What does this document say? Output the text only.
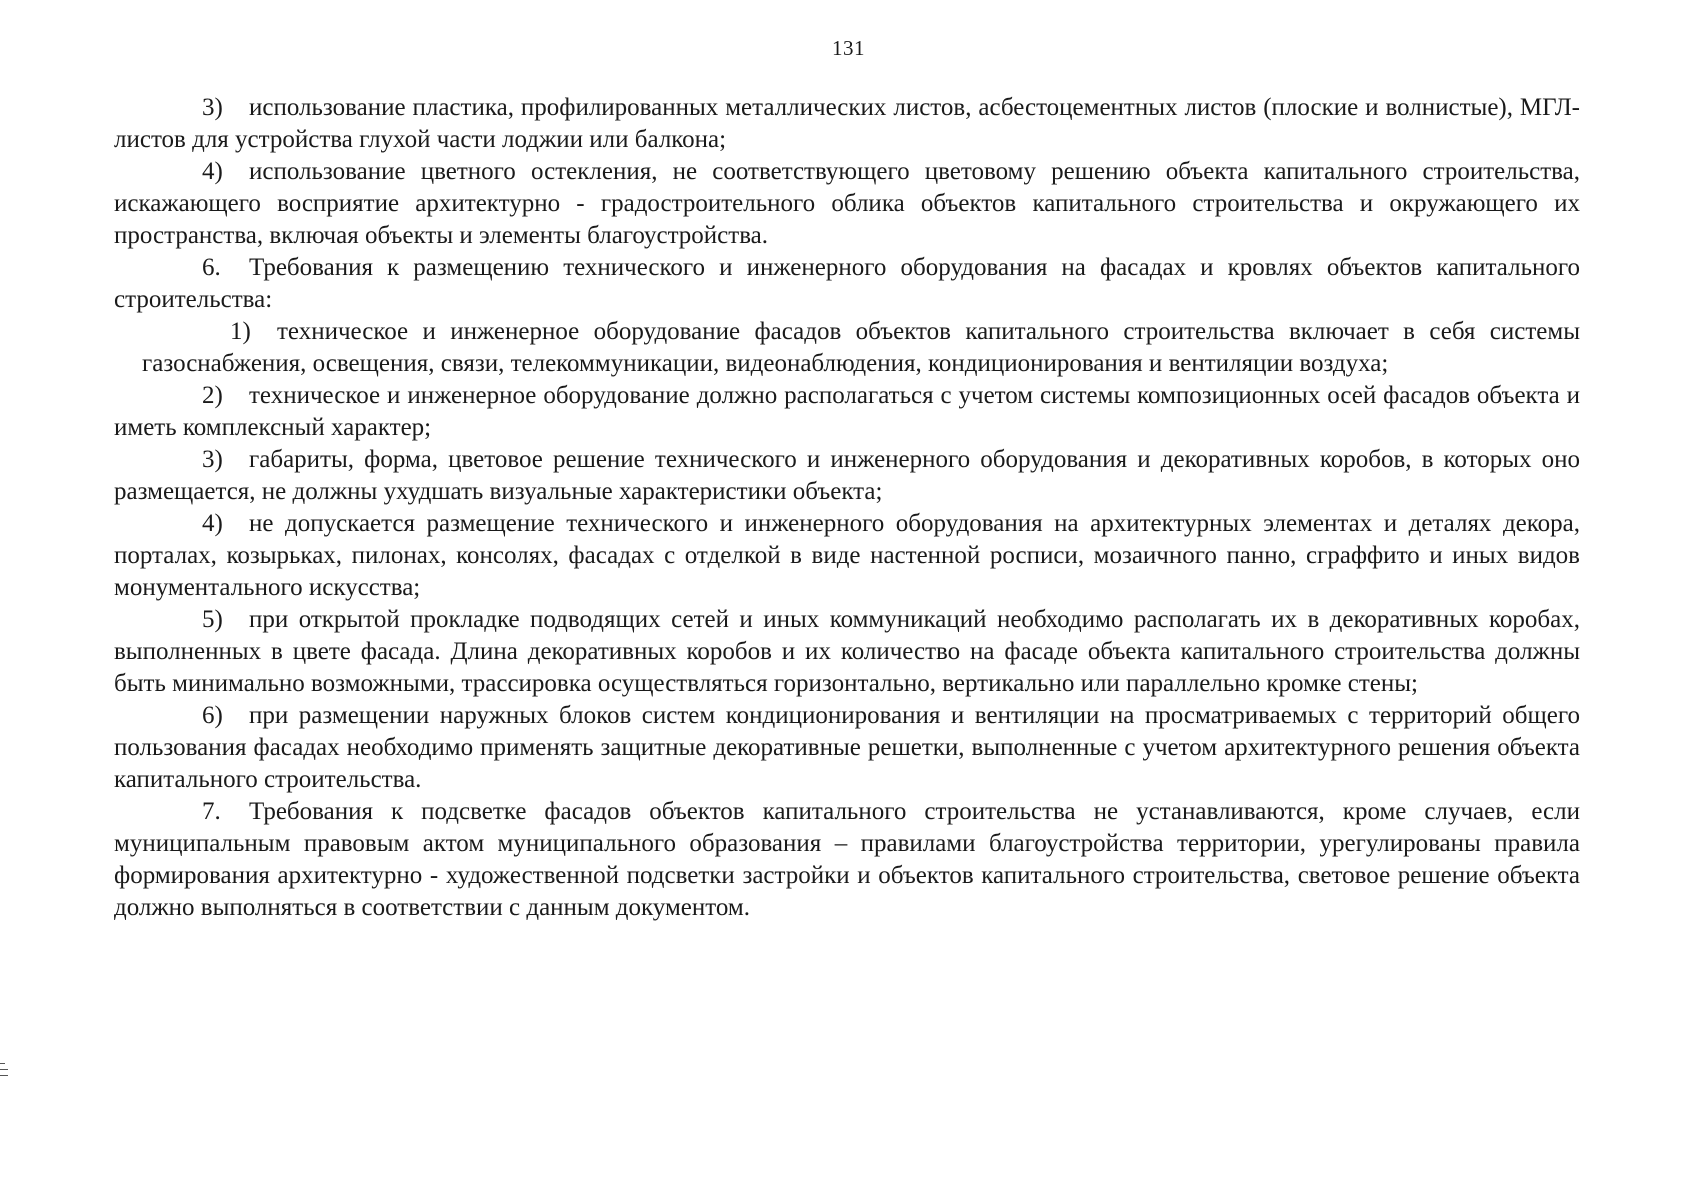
131

3) использование пластика, профилированных металлических листов, асбестоцементных листов (плоские и волнистые), МГЛ-листов для устройства глухой части лоджии или балкона;

4) использование цветного остекления, не соответствующего цветовому решению объекта капитального строительства, искажающего восприятие архитектурно - градостроительного облика объектов капитального строительства и окружающего их пространства, включая объекты и элементы благоустройства.

6. Требования к размещению технического и инженерного оборудования на фасадах и кровлях объектов капитального строительства:

1) техническое и инженерное оборудование фасадов объектов капитального строительства включает в себя системы газоснабжения, освещения, связи, телекоммуникации, видеонаблюдения, кондиционирования и вентиляции воздуха;

2) техническое и инженерное оборудование должно располагаться с учетом системы композиционных осей фасадов объекта и иметь комплексный характер;

3) габариты, форма, цветовое решение технического и инженерного оборудования и декоративных коробов, в которых оно размещается, не должны ухудшать визуальные характеристики объекта;

4) не допускается размещение технического и инженерного оборудования на архитектурных элементах и деталях декора, порталах, козырьках, пилонах, консолях, фасадах с отделкой в виде настенной росписи, мозаичного панно, сграффито и иных видов монументального искусства;

5) при открытой прокладке подводящих сетей и иных коммуникаций необходимо располагать их в декоративных коробах, выполненных в цвете фасада. Длина декоративных коробов и их количество на фасаде объекта капитального строительства должны быть минимально возможными, трассировка осуществляться горизонтально, вертикально или параллельно кромке стены;

6) при размещении наружных блоков систем кондиционирования и вентиляции на просматриваемых с территорий общего пользования фасадах необходимо применять защитные декоративные решетки, выполненные с учетом архитектурного решения объекта капитального строительства.

7. Требования к подсветке фасадов объектов капитального строительства не устанавливаются, кроме случаев, если муниципальным правовым актом муниципального образования – правилами благоустройства территории, урегулированы правила формирования архитектурно - художественной подсветки застройки и объектов капитального строительства, световое решение объекта должно выполняться в соответствии с данным документом.
